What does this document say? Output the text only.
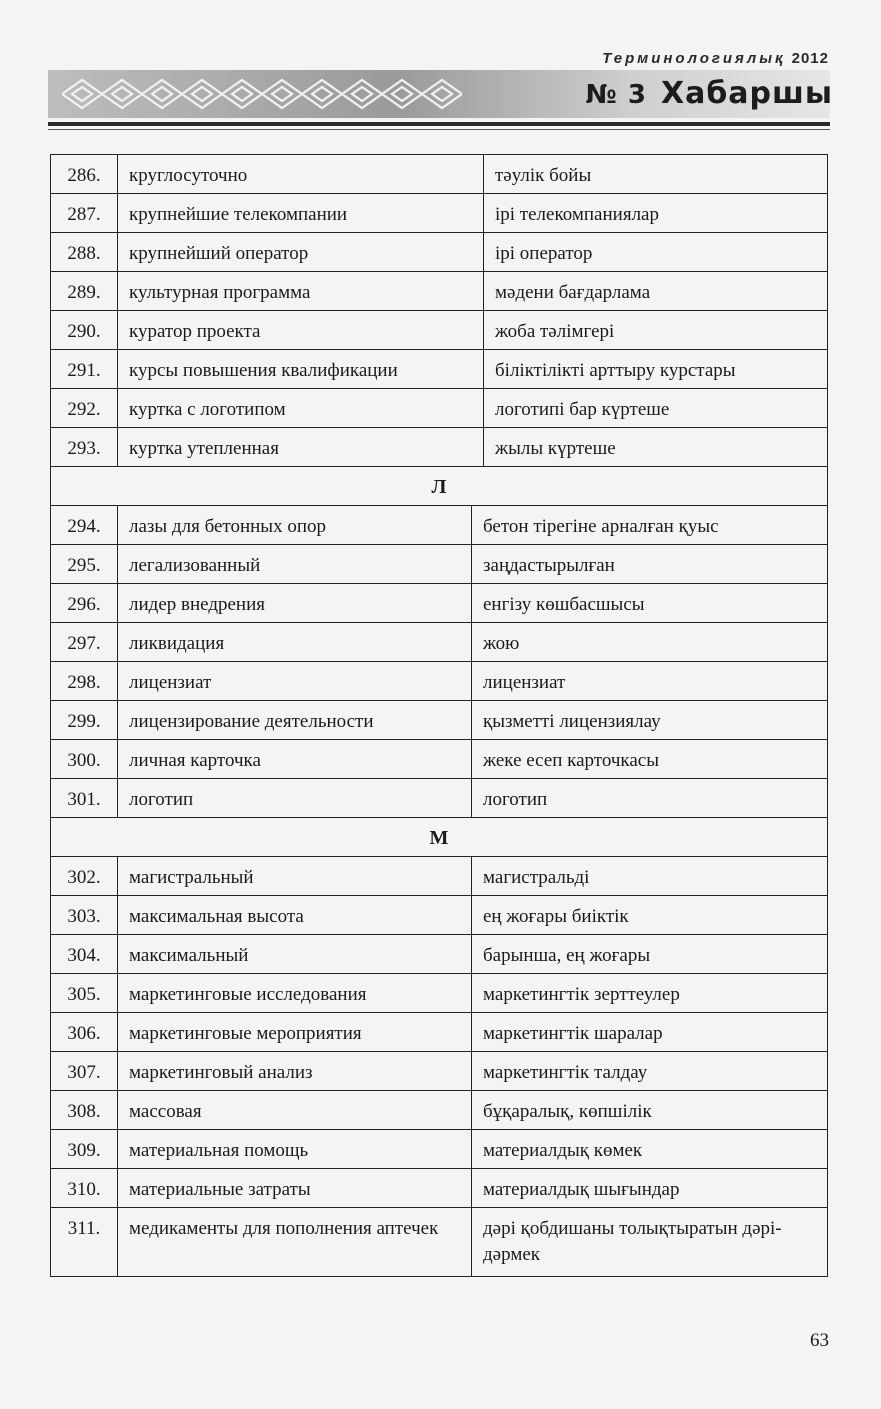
Терминологиялық 2012
№ 3 Хабаршы
286.	круглосуточно	тәулік бойы
287.	крупнейшие телекомпании	ірі телекомпаниялар
288.	крупнейший оператор	ірі оператор
289.	культурная программа	мәдени бағдарлама
290.	куратор проекта	жоба тәлімгері
291.	курсы повышения квалификации	біліктілікті арттыру курстары
292.	куртка с логотипом	логотипі бар күртеше
293.	куртка утепленная	жылы күртеше
Л
294.	лазы для бетонных опор	бетон тірегіне арналған қуыс
295.	легализованный	заңдастырылған
296.	лидер внедрения	енгізу көшбасшысы
297.	ликвидация	жою
298.	лицензиат	лицензиат
299.	лицензирование деятельности	қызметті лицензиялау
300.	личная карточка	жеке есеп карточкасы
301.	логотип	логотип
М
302.	магистральный	магистральді
303.	максимальная высота	ең жоғары биіктік
304.	максимальный	барынша, ең жоғары
305.	маркетинговые исследования	маркетингтік зерттеулер
306.	маркетинговые мероприятия	маркетингтік шаралар
307.	маркетинговый анализ	маркетингтік талдау
308.	массовая	бұқаралық, көпшілік
309.	материальная помощь	материалдық көмек
310.	материальные затраты	материалдық шығындар
311.	медикаменты для пополнения аптечек	дәрі қобдишаны толықтыратын дәрі-дәрмек
63
